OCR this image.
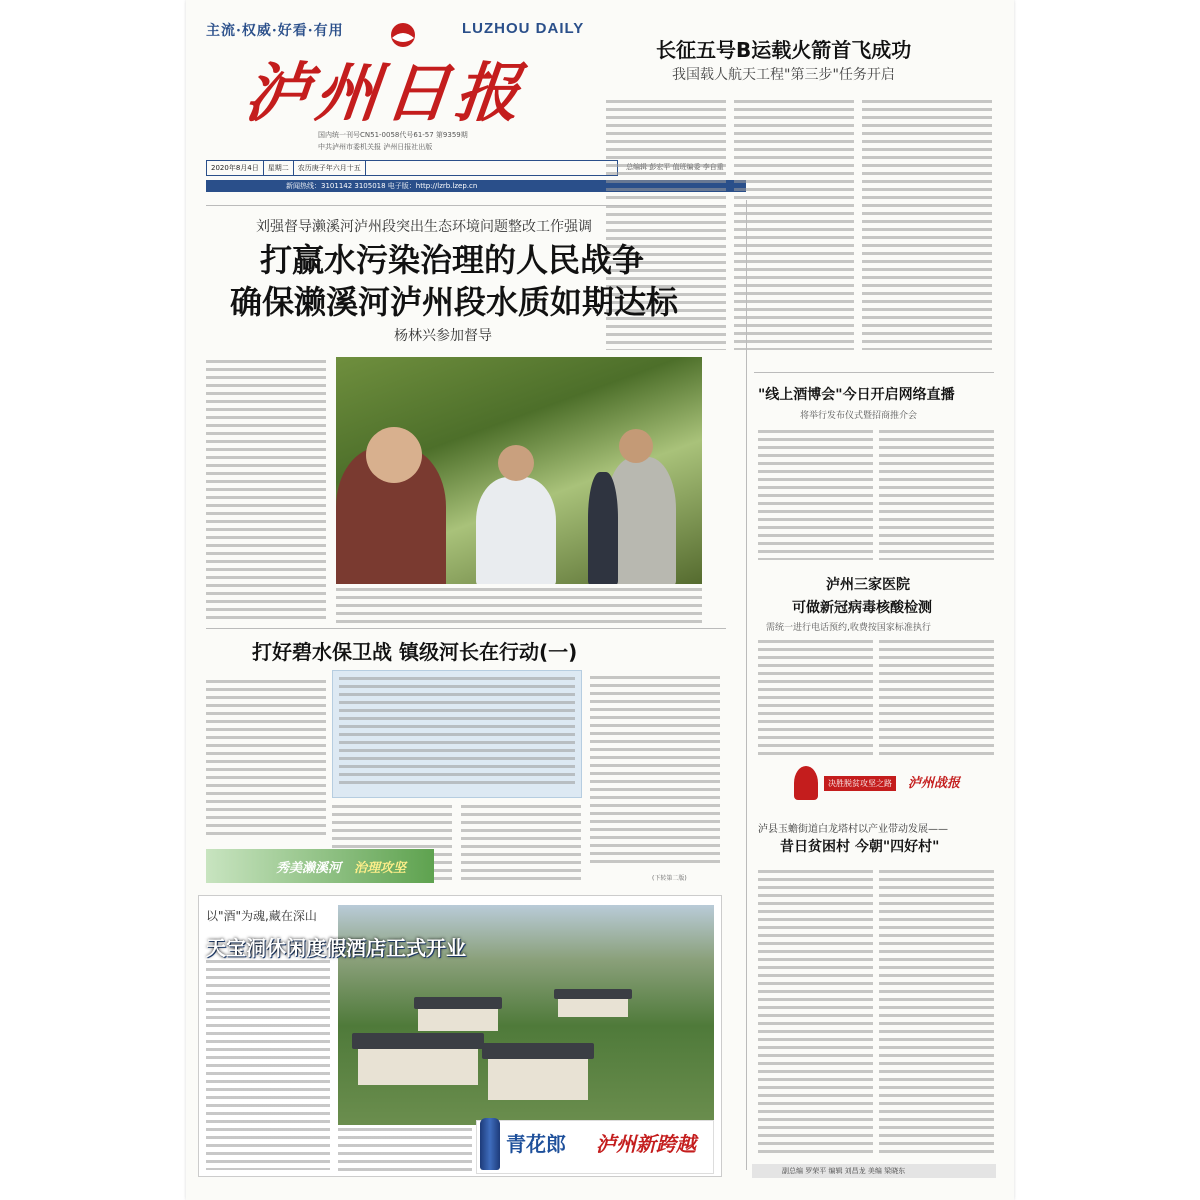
主流·权威·好看·有用	LUZHOU DAILY
泸州日报
国内统一刊号CN51-0058代号61-57 第9359期
中共泸州市委机关报 泸州日报社出版
2020年8月4日 星期二 农历庚子年六月十五	总编辑 彭宏平 值班编委 李自重
新闻热线：3101142 3105018 电子版：http://lzrb.lzep.cn
长征五号B运载火箭首飞成功
我国载人航天工程"第三步"任务开启
刘强督导濑溪河泸州段突出生态环境问题整改工作强调
打赢水污染治理的人民战争
确保濑溪河泸州段水质如期达标
杨林兴参加督导
打好碧水保卫战 镇级河长在行动(一)
(下转第二版)
秀美濑溪河 治理攻坚
以"酒"为魂,藏在深山
天宝洞休闲度假酒店正式开业
青花郎 泸州新跨越
"线上酒博会"今日开启网络直播
将举行发布仪式暨招商推介会
泸州三家医院
可做新冠病毒核酸检测
需统一进行电话预约,收费按国家标准执行
决胜脱贫攻坚之路	泸州战报
泸县玉蟾街道白龙塔村以产业带动发展——
昔日贫困村 今朝"四好村"
副总编 罗荣平 编辑 刘昌龙 美编 梁晓东
